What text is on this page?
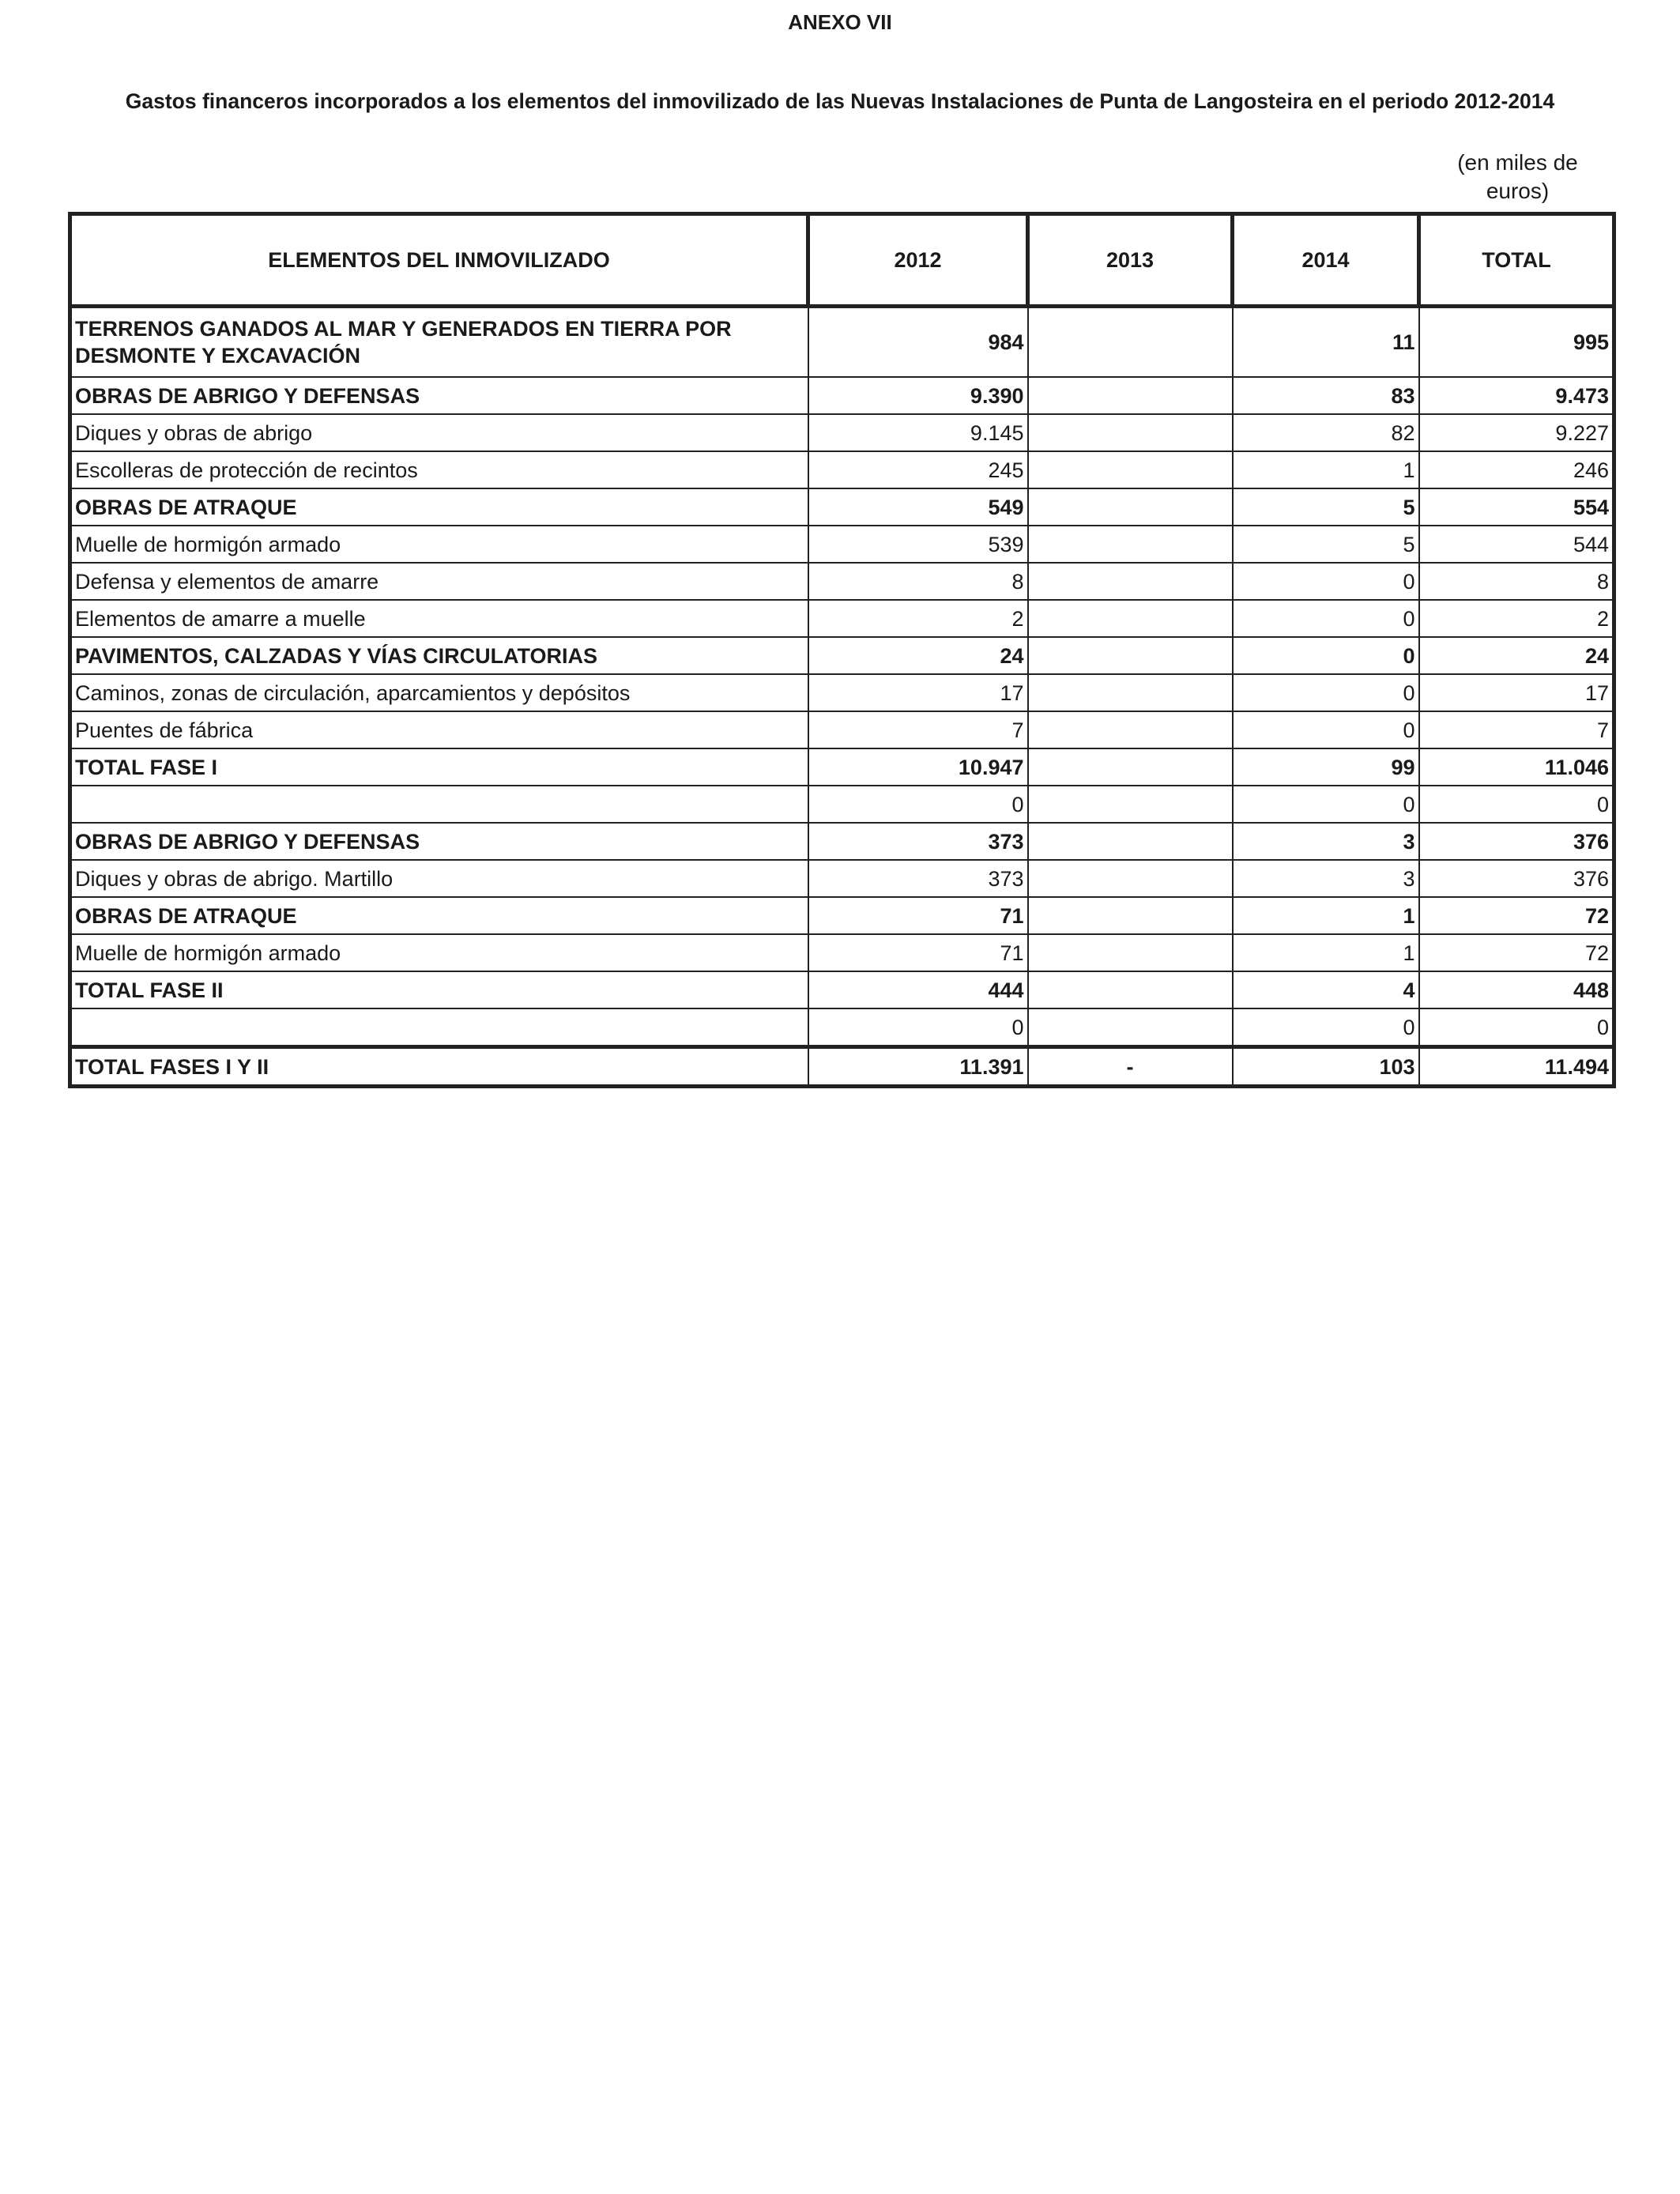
ANEXO VII
Gastos financeros incorporados a los elementos del inmovilizado de las Nuevas Instalaciones de Punta de Langosteira en el periodo 2012-2014
(en miles de
euros)
ELEMENTOS DEL INMOVILIZADO	2012	2013	2014	TOTAL

TERRENOS GANADOS AL MAR Y GENERADOS EN TIERRA POR
DESMONTE Y EXCAVACIÓN	984		11	995
OBRAS DE ABRIGO Y DEFENSAS	9.390		83	9.473
Diques y obras de abrigo	9.145		82	9.227
Escolleras de protección de recintos	245		1	246
OBRAS DE ATRAQUE	549		5	554
Muelle de hormigón armado	539		5	544
Defensa y elementos de amarre	8		0	8
Elementos de amarre a muelle	2		0	2
PAVIMENTOS, CALZADAS Y VÍAS CIRCULATORIAS	24		0	24
Caminos, zonas de circulación, aparcamientos y depósitos	17		0	17
Puentes de fábrica	7		0	7
TOTAL FASE I	10.947		99	11.046
	0		0	0
OBRAS DE ABRIGO Y DEFENSAS	373		3	376
Diques y obras de abrigo. Martillo	373		3	376
OBRAS DE ATRAQUE	71		1	72
Muelle de hormigón armado	71		1	72
TOTAL FASE II	444		4	448
	0		0	0
TOTAL FASES I Y II	11.391	-	103	11.494
